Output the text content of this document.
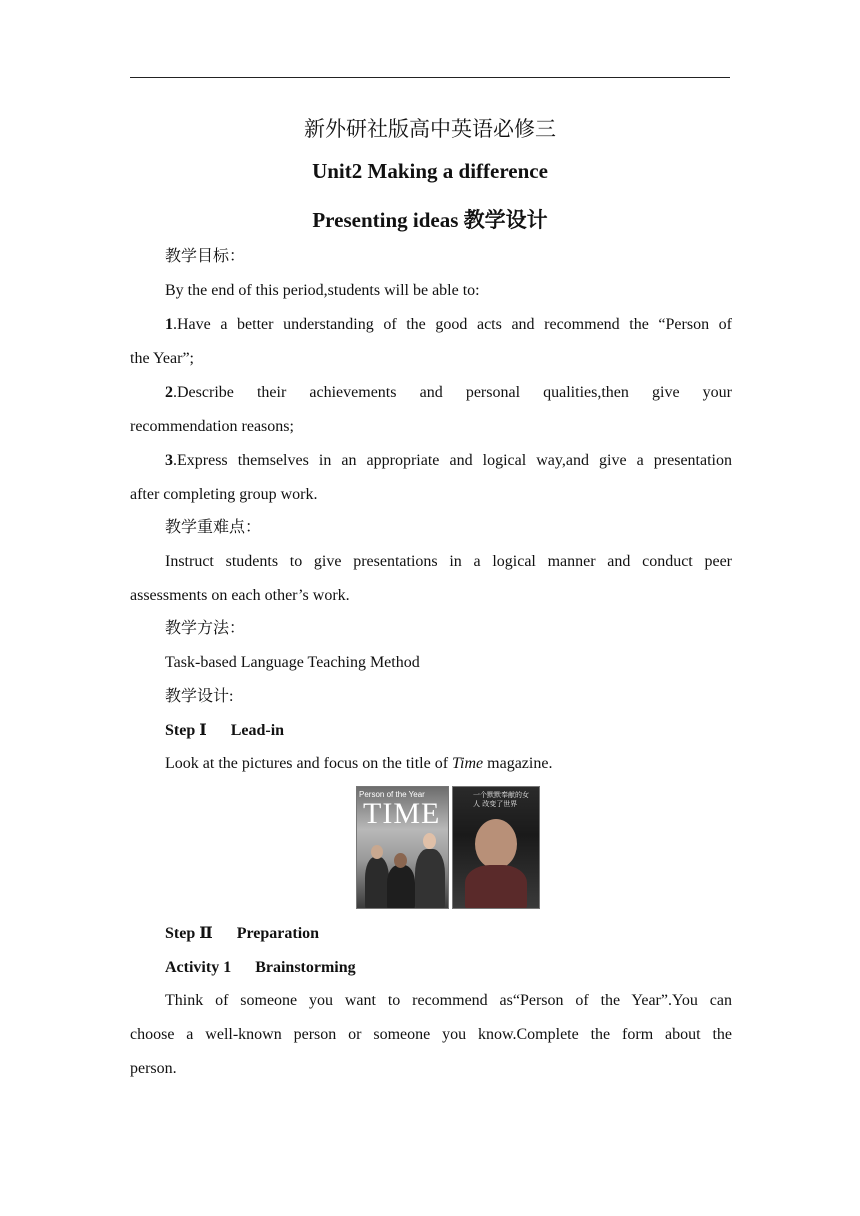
新外研社版高中英语必修三
Unit2 Making a difference
Presenting ideas 教学设计
教学目标：
By the end of this period,students will be able to:
1.Have a better understanding of the good acts and recommend the “Person of
the Year”;
2.Describe their achievements and personal qualities,then give your
recommendation reasons;
3.Express themselves in an appropriate and logical way,and give a presentation
after completing group work.
教学重难点：
Instruct students to give presentations in a logical manner and conduct peer
assessments on each other’s work.
教学方法：
Task-based Language Teaching Method
教学设计:
Step Ⅰ Lead-in
Look at the pictures and focus on the title of Time magazine.
Person of the Year
TIME
一个默默奉献的女人 改变了世界
Step Ⅱ Preparation
Activity 1 Brainstorming
Think of someone you want to recommend as“Person of the Year”.You can
choose a well-known person or someone you know.Complete the form about the
person.
